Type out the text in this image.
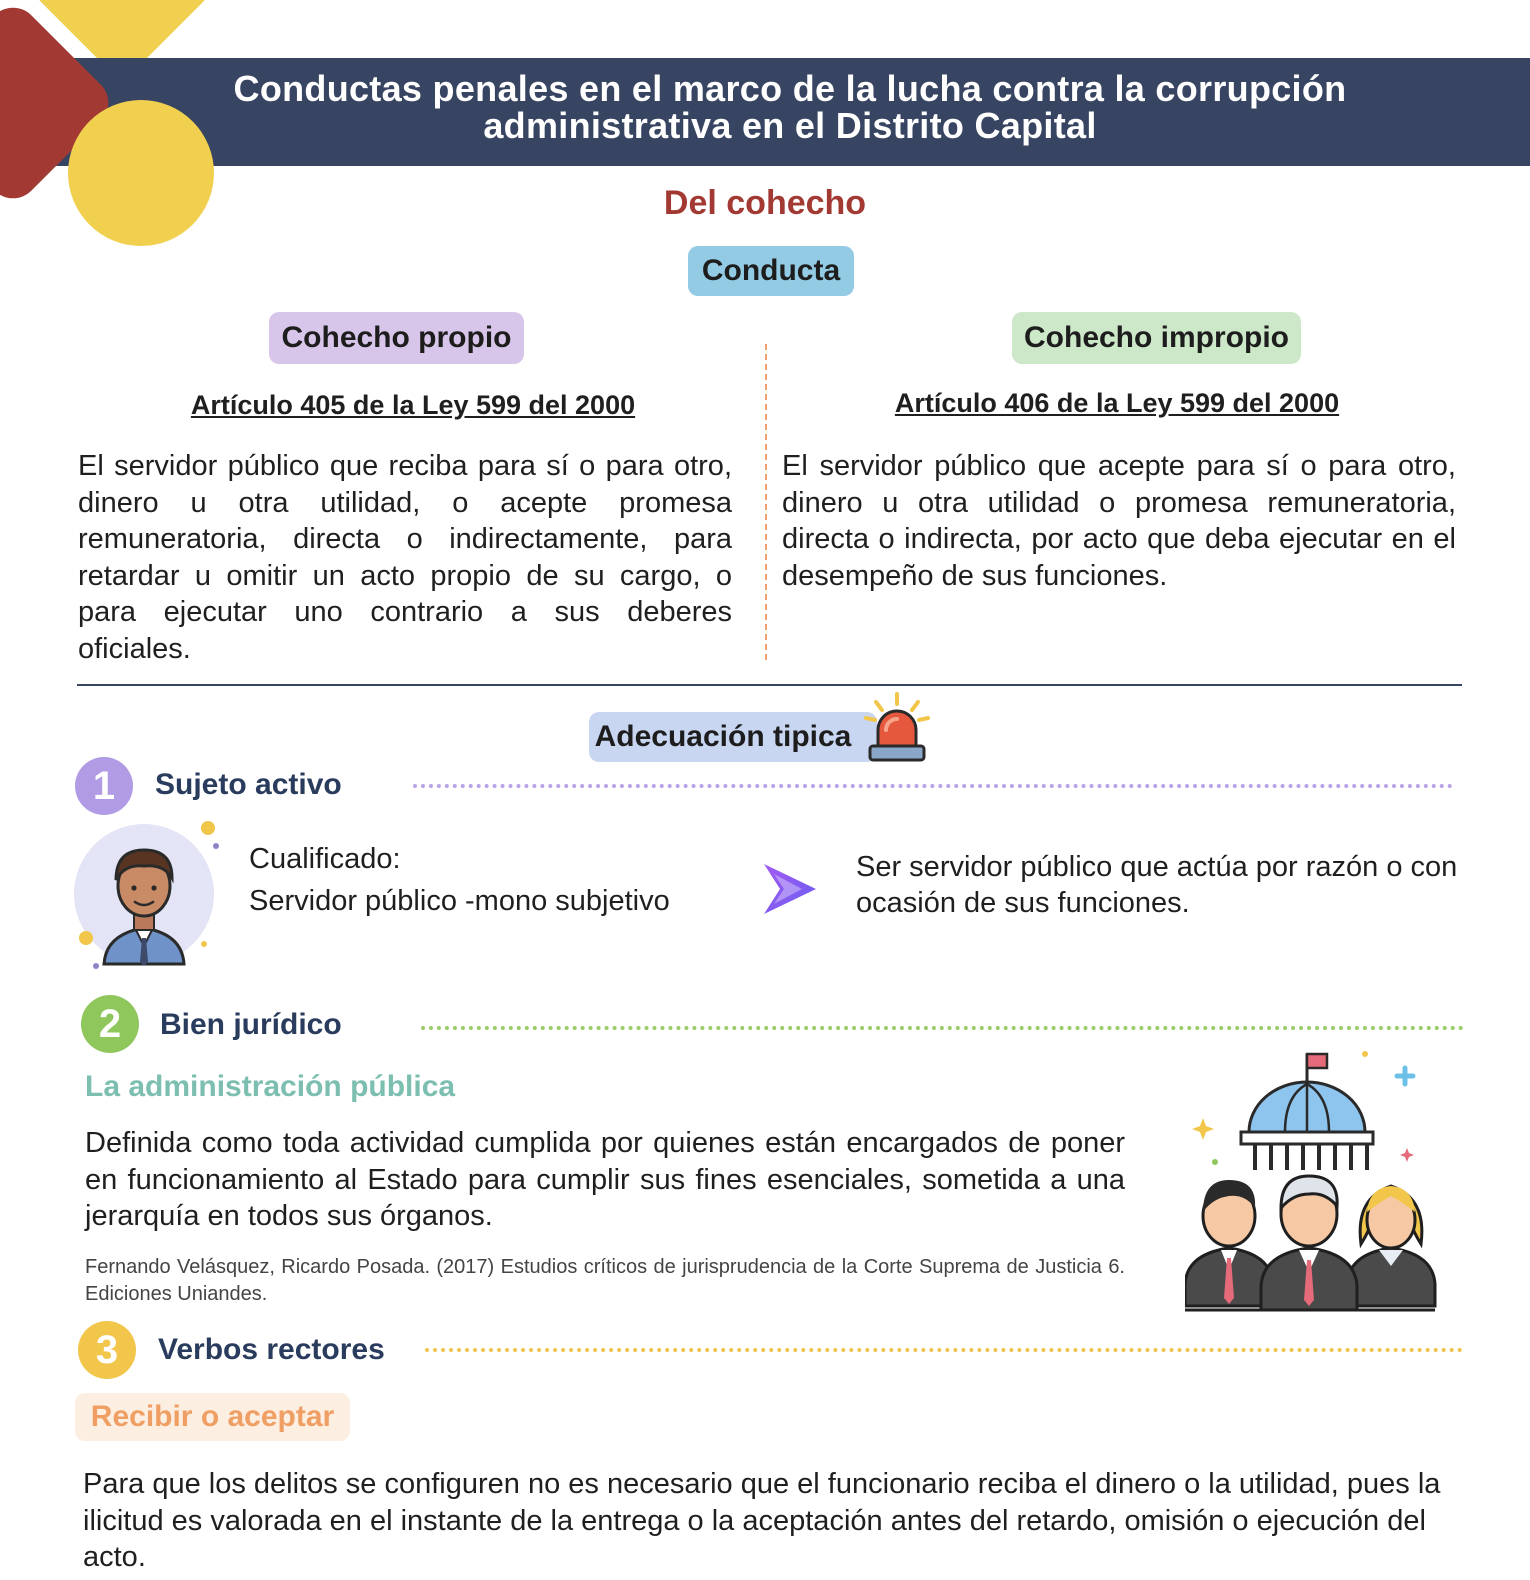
Conductas penales en el marco de la lucha contra la corrupción administrativa en el Distrito Capital
Del cohecho
Conducta
Cohecho propio	Cohecho impropio
Artículo 405 de la Ley 599 del 2000	Artículo 406 de la Ley 599 del 2000
El servidor público que reciba para sí o para otro, dinero u otra utilidad, o acepte promesa remuneratoria, directa o indirectamente, para retardar u omitir un acto propio de su cargo, o para ejecutar uno contrario a sus deberes oficiales.
El servidor público que acepte para sí o para otro, dinero u otra utilidad o promesa remuneratoria, directa o indirecta, por acto que deba ejecutar en el desempeño de sus funciones.
Adecuación tipica
1	Sujeto activo
Cualificado:
Servidor público -mono subjetivo
Ser servidor público que actúa por razón o con ocasión de sus funciones.
2	Bien jurídico
La administración pública
Definida como toda actividad cumplida por quienes están encargados de poner en funcionamiento al Estado para cumplir sus fines esenciales, sometida a una jerarquía en todos sus órganos.
Fernando Velásquez, Ricardo Posada. (2017) Estudios críticos de jurisprudencia de la Corte Suprema de Justicia 6. Ediciones Uniandes.
3	Verbos rectores
Recibir o aceptar
Para que los delitos se configuren no es necesario que el funcionario reciba el dinero o la utilidad, pues la ilicitud es valorada en el instante de la entrega o la aceptación antes del retardo, omisión o ejecución del acto.
